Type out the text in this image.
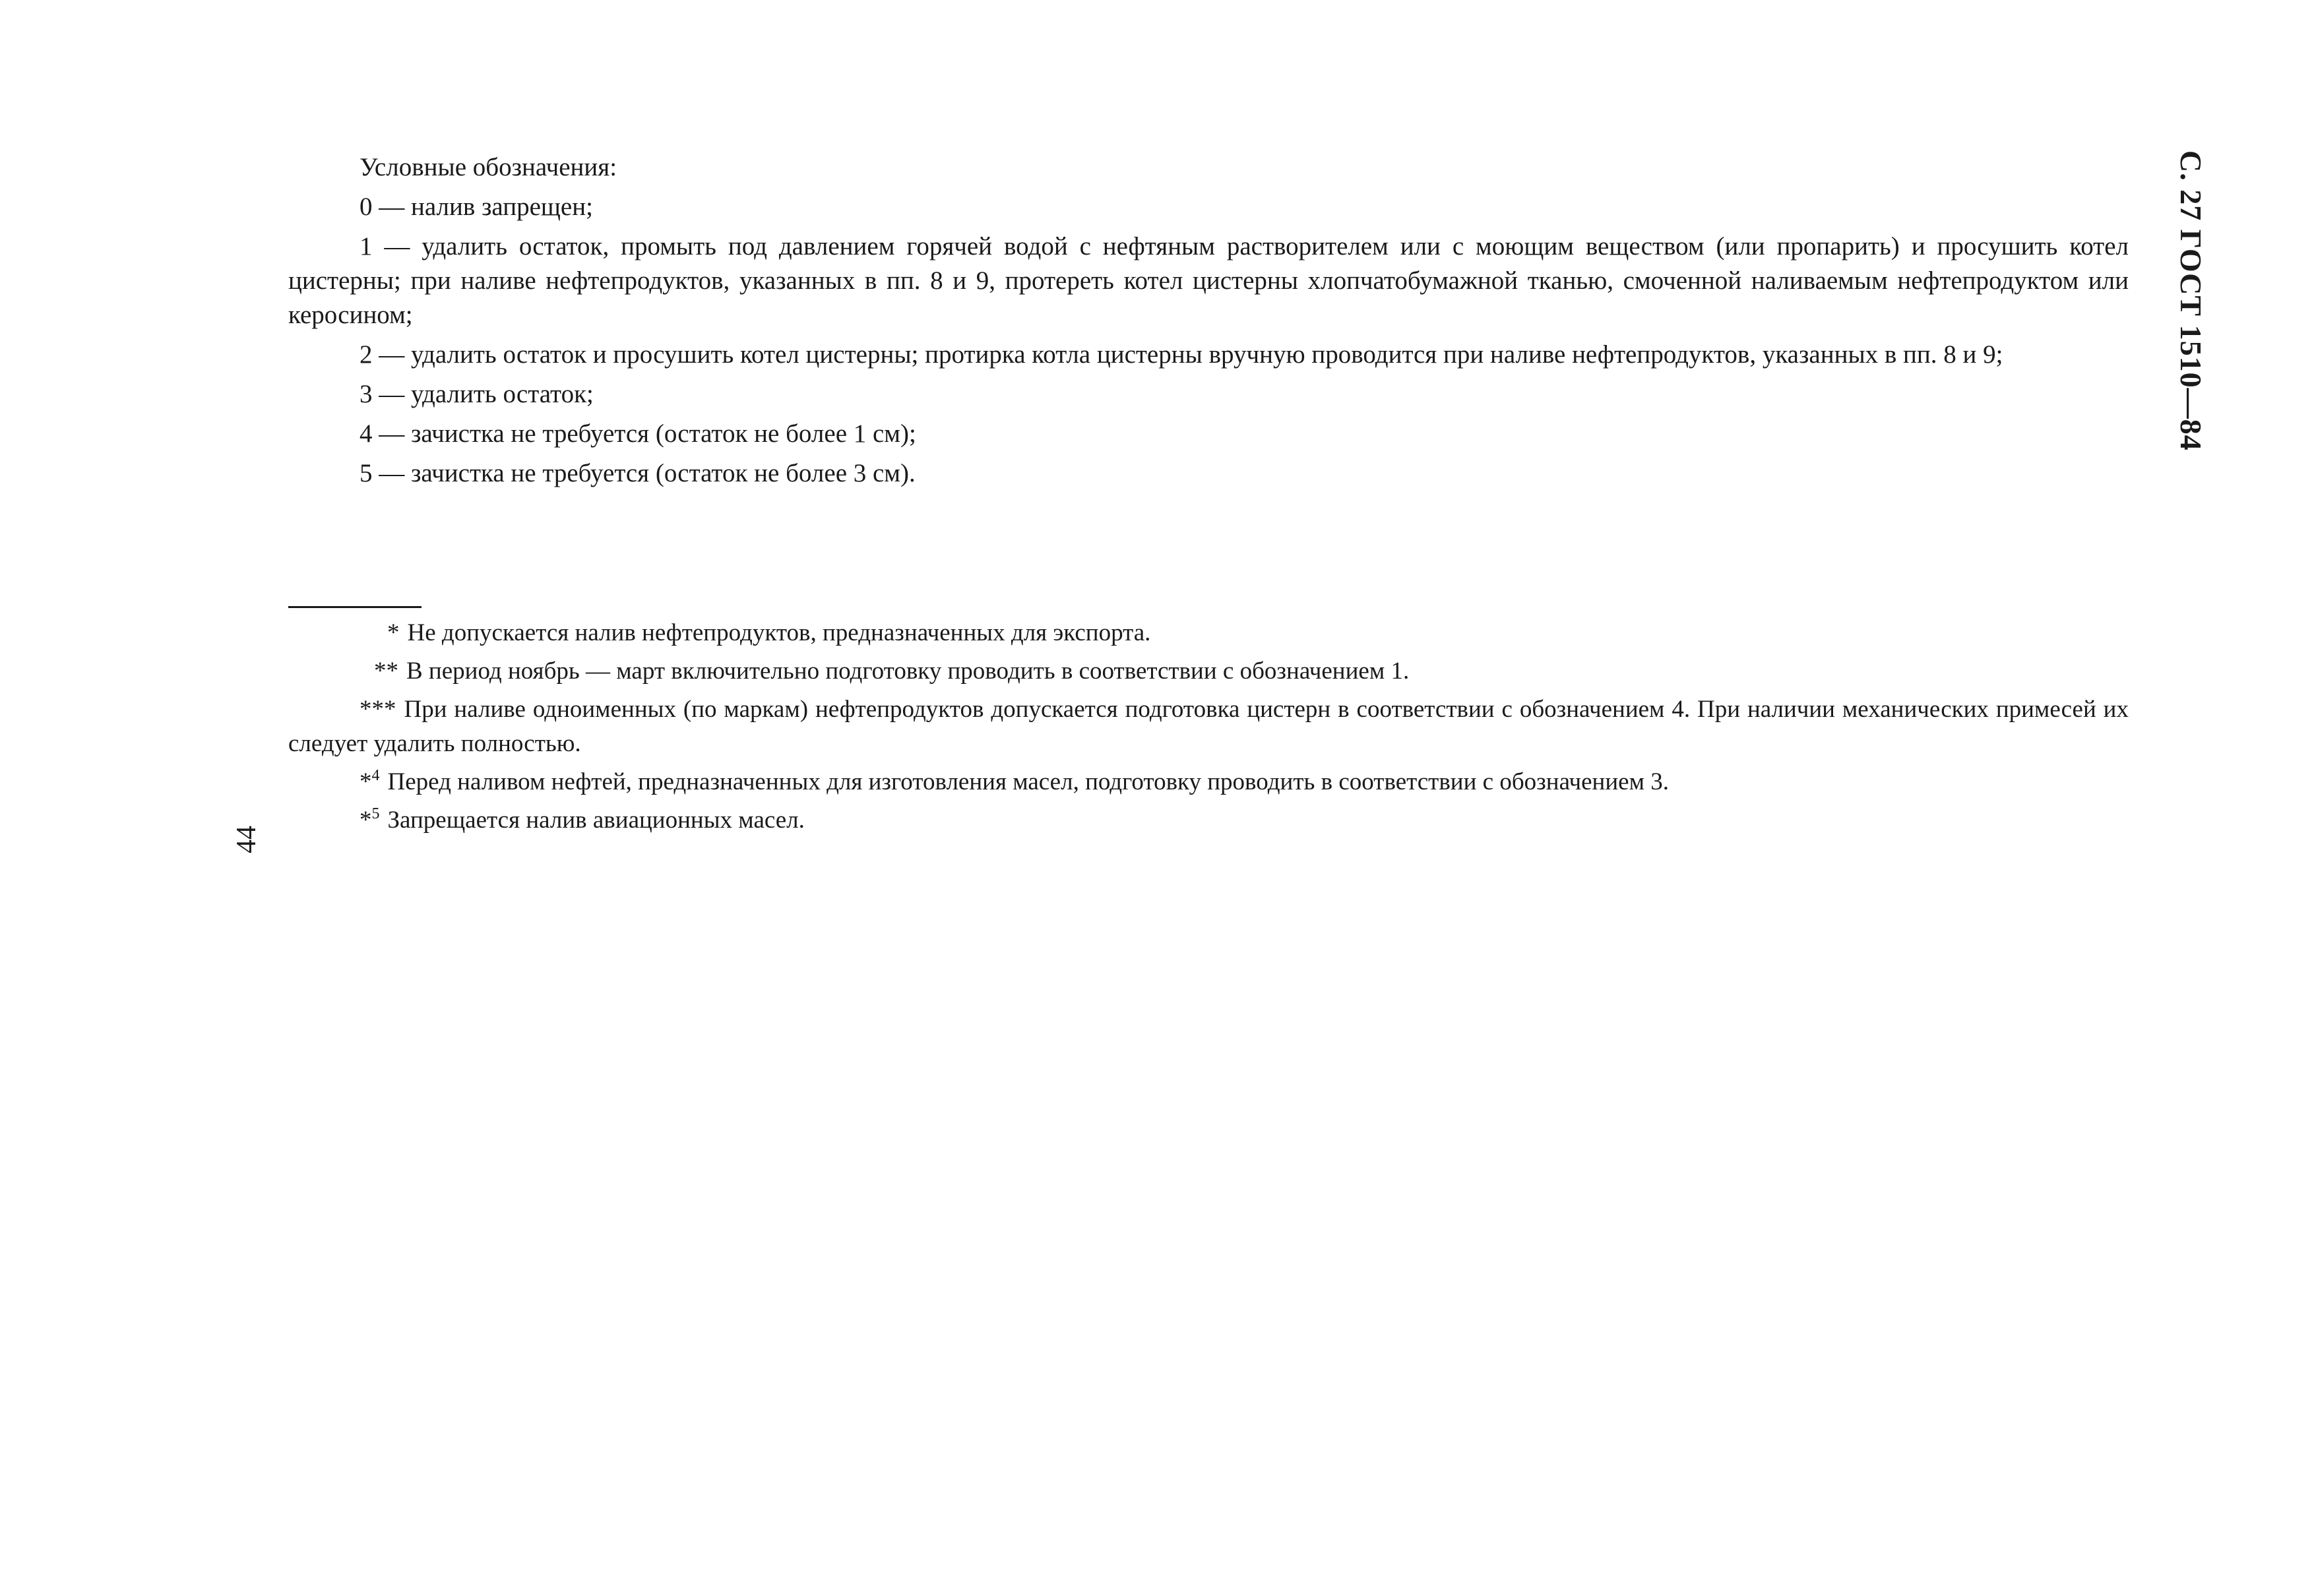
Условные обозначения:

0 — налив запрещен;

1 — удалить остаток, промыть под давлением горячей водой с нефтяным растворителем или с моющим веществом (или пропарить) и просушить котел цистерны; при наливе нефтепродуктов, указанных в пп. 8 и 9, протереть котел цистерны хлопчатобумажной тканью, смоченной наливаемым нефтепродуктом или керосином;

2 — удалить остаток и просушить котел цистерны; протирка котла цистерны вручную проводится при наливе нефтепродуктов, указанных в пп. 8 и 9;

3 — удалить остаток;

4 — зачистка не требуется (остаток не более 1 см);

5 — зачистка не требуется (остаток не более 3 см).

* Не допускается налив нефтепродуктов, предназначенных для экспорта.

** В период ноябрь — март включительно подготовку проводить в соответствии с обозначением 1.

*** При наливе одноименных (по маркам) нефтепродуктов допускается подготовка цистерн в соответствии с обозначением 4. При наличии механических примесей их следует удалить полностью.

*$^4$ Перед наливом нефтей, предназначенных для изготовления масел, подготовку проводить в соответствии с обозначением 3.

*$^5$ Запрещается налив авиационных масел.

С. 27 ГОСТ 1510—84
44
